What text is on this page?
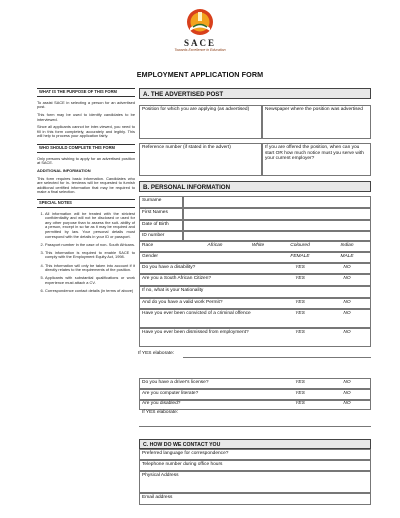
SACE
Towards Excellence in Education
EMPLOYMENT APPLICATION FORM
WHAT IS THE PURPOSE OF THIS FORM

To assist SACE in selecting a person for an advertised post.

This form may be used to identify candidates to be interviewed.

Since all applicants cannot be inter-viewed, you need to fill in this form completely, accurately and legibly. This will help to process your application fairly.

WHO SHOULD COMPLETE THIS FORM

Only persons wishing to apply for an advertised position at SACE.

ADDITIONAL INFORMATION

This form requires basic information. Candidates who are selected for in- terviews will be requested to furnish additional certified information that may be required to make a final selection.

SPECIAL NOTES
1. All information will be treated with the strictest confidentiality and will not be disclosed or used for any other purpose than to assess the suit- ability of a person, except in so far as it may be required and permitted by law. Your personal details must correspond with the details in your ID or passport.
2. Passport number in the case of non- South Africans.
3. This information is required to enable SACE to comply with the Employment Equity Act, 1998.
4. This information will only be taken into account if it directly relates to the requirements of the position.
5. Applicants with substantial qualifications or work experience must attach a CV.
6. Correspondence contact details (in terms of above)
A. THE ADVERTISED POST
Position for which you are applying (as advertised)	Newspaper where the position was advertised
Reference number (if stated in the advert)	If you are offered the position, when can you start OR how much notice must you serve with your current employer?
B. PERSONAL INFORMATION
Surname
First Names
Date of Birth
ID number
Race	African	White	Coloured	Indian
Gender	FEMALE	MALE
Do you have a disability?	YES	NO
Are you a South African Citizen?	YES	NO
If no, what is your Nationality
And do you have a valid work Permit?	YES	NO
Have you ever been convicted of a criminal offence	YES	NO
Have you ever been dismissed from employment?	YES	NO
If YES elaborate:
Do you have a driver's license?	YES	NO
Are you computer literate?	YES	NO
Are you disabled?	YES	NO
If YES elaborate:
C. HOW DO WE CONTACT YOU
Preferred language for correspondence?
Telephone number during office hours
Physical Address
Email address
